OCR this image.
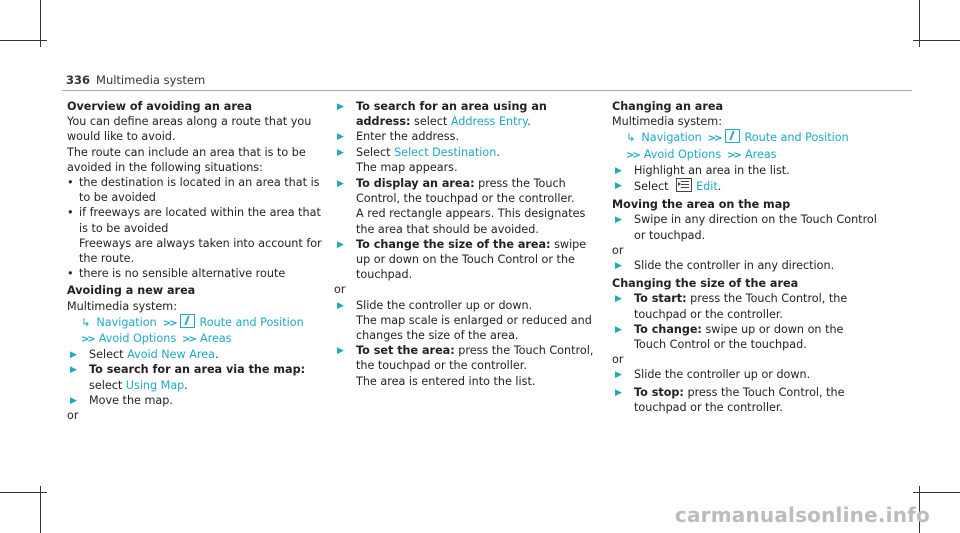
336 Multimedia system

Overview of avoiding an area

You can define areas along a route that you would like to avoid.

The route can include an area that is to be avoided in the following situations:

• the destination is located in an area that is to be avoided

• if freeways are located within the area that is to be avoided

Freeways are always taken into account for the route.

• there is no sensible alternative route

Avoiding a new area

Multimedia system:

↳ Navigation >> Route and Position
>> Avoid Options >> Areas

▶ Select Avoid New Area.

▶ To search for an area via the map: select Using Map.

▶ Move the map.

or

▶ To search for an area using an address: select Address Entry.

▶ Enter the address.

▶ Select Select Destination.
The map appears.

▶ To display an area: press the Touch Control, the touchpad or the controller.
A red rectangle appears. This designates the area that should be avoided.

▶ To change the size of the area: swipe up or down on the Touch Control or the touchpad.

or

▶ Slide the controller up or down.
The map scale is enlarged or reduced and changes the size of the area.

▶ To set the area: press the Touch Control, the touchpad or the controller.
The area is entered into the list.

Changing an area

Multimedia system:

↳ Navigation >> Route and Position
>> Avoid Options >> Areas

▶ Highlight an area in the list.

▶ Select Edit.

Moving the area on the map

▶ Swipe in any direction on the Touch Control or touchpad.

or

▶ Slide the controller in any direction.

Changing the size of the area

▶ To start: press the Touch Control, the touchpad or the controller.

▶ To change: swipe up or down on the Touch Control or the touchpad.

or

▶ Slide the controller up or down.

▶ To stop: press the Touch Control, the touchpad or the controller.

carmanualsonline.info
